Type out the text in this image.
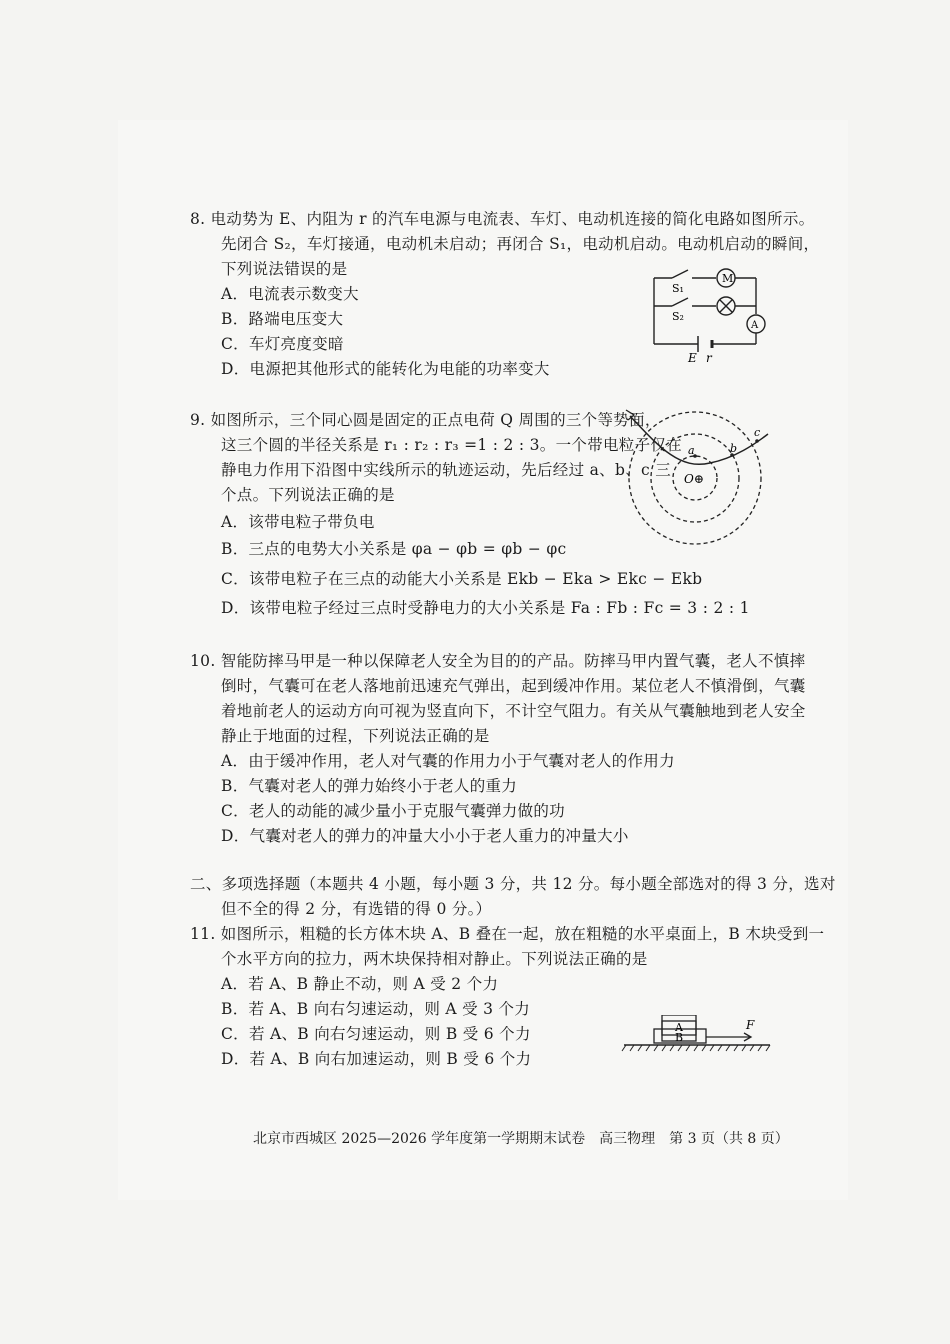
8. 电动势为 E、内阻为 r 的汽车电源与电流表、车灯、电动机连接的简化电路如图所示。
先闭合 S₂，车灯接通，电动机未启动；再闭合 S₁，电动机启动。电动机启动的瞬间，
下列说法错误的是
A．电流表示数变大
B．路端电压变大
C．车灯亮度变暗
D．电源把其他形式的能转化为电能的功率变大
M
A
S₁
S₂
E r
9. 如图所示，三个同心圆是固定的正点电荷 Q 周围的三个等势面，
这三个圆的半径关系是 r₁ : r₂ : r₃ =1 : 2 : 3。一个带电粒子仅在
静电力作用下沿图中实线所示的轨迹运动，先后经过 a、b、c 三
个点。下列说法正确的是
A．该带电粒子带负电
B．三点的电势大小关系是 φa − φb = φb − φc
C．该带电粒子在三点的动能大小关系是 Ekb − Eka > Ekc − Ekb
D．该带电粒子经过三点时受静电力的大小关系是 Fa : Fb : Fc = 3 : 2 : 1
a	b
c
O⊕
10. 智能防摔马甲是一种以保障老人安全为目的的产品。防摔马甲内置气囊，老人不慎摔
倒时，气囊可在老人落地前迅速充气弹出，起到缓冲作用。某位老人不慎滑倒，气囊
着地前老人的运动方向可视为竖直向下，不计空气阻力。有关从气囊触地到老人安全
静止于地面的过程，下列说法正确的是
A．由于缓冲作用，老人对气囊的作用力小于气囊对老人的作用力
B．气囊对老人的弹力始终小于老人的重力
C．老人的动能的减少量小于克服气囊弹力做的功
D．气囊对老人的弹力的冲量大小小于老人重力的冲量大小
二、多项选择题（本题共 4 小题，每小题 3 分，共 12 分。每小题全部选对的得 3 分，选对
但不全的得 2 分，有选错的得 0 分。）
11. 如图所示，粗糙的长方体木块 A、B 叠在一起，放在粗糙的水平桌面上，B 木块受到一
个水平方向的拉力，两木块保持相对静止。下列说法正确的是
A．若 A、B 静止不动，则 A 受 2 个力
B．若 A、B 向右匀速运动，则 A 受 3 个力
C．若 A、B 向右匀速运动，则 B 受 6 个力
D．若 A、B 向右加速运动，则 B 受 6 个力
A
B
F
北京市西城区 2025—2026 学年度第一学期期末试卷　高三物理　第 3 页（共 8 页）
